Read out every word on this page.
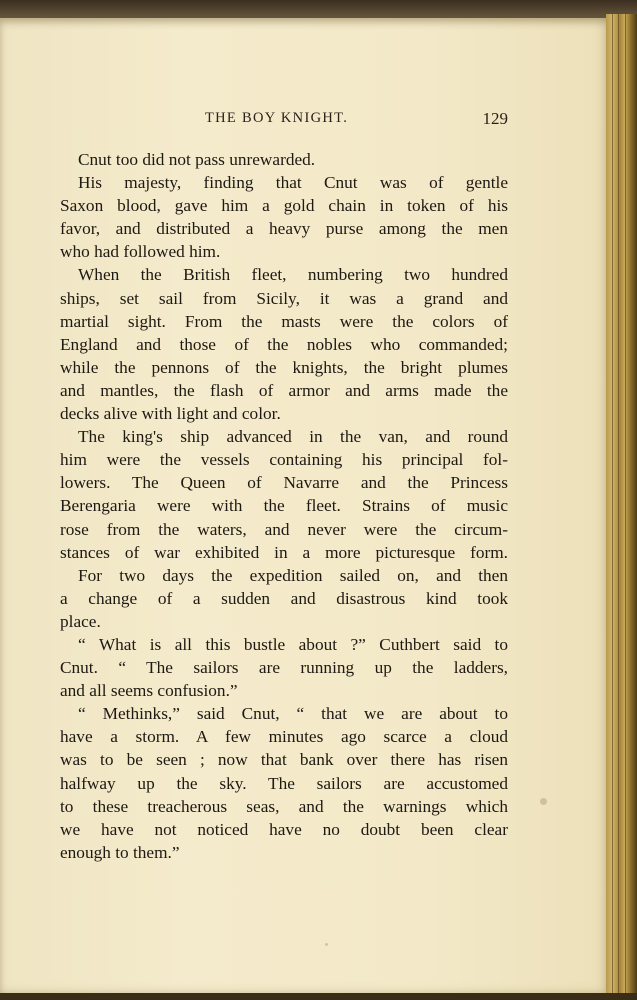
THE BOY KNIGHT.	129
Cnut too did not pass unrewarded.
His majesty, finding that Cnut was of gentle
Saxon blood, gave him a gold chain in token of his
favor, and distributed a heavy purse among the men
who had followed him.
When the British fleet, numbering two hundred
ships, set sail from Sicily, it was a grand and
martial sight. From the masts were the colors of
England and those of the nobles who commanded;
while the pennons of the knights, the bright plumes
and mantles, the flash of armor and arms made the
decks alive with light and color.
The king's ship advanced in the van, and round
him were the vessels containing his principal fol-
lowers. The Queen of Navarre and the Princess
Berengaria were with the fleet. Strains of music
rose from the waters, and never were the circum-
stances of war exhibited in a more picturesque form.
For two days the expedition sailed on, and then
a change of a sudden and disastrous kind took
place.
“ What is all this bustle about ?” Cuthbert said to
Cnut. “ The sailors are running up the ladders,
and all seems confusion.”
“ Methinks,” said Cnut, “ that we are about to
have a storm. A few minutes ago scarce a cloud
was to be seen ; now that bank over there has risen
halfway up the sky. The sailors are accustomed
to these treacherous seas, and the warnings which
we have not noticed have no doubt been clear
enough to them.”
